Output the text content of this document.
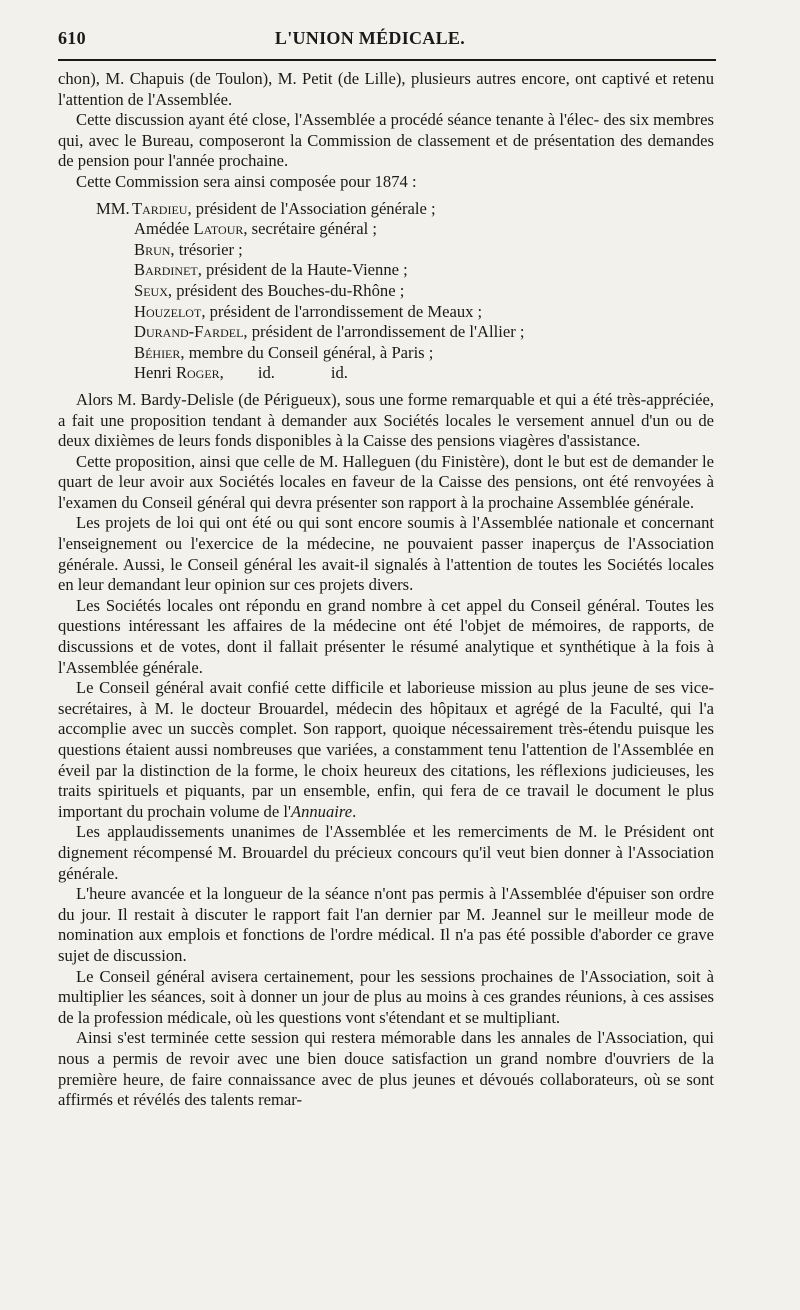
610	L'UNION MÉDICALE.

chon), M. Chapuis (de Toulon), M. Petit (de Lille), plusieurs autres encore, ont captivé et retenu l'attention de l'Assemblée.

Cette discussion ayant été close, l'Assemblée a procédé séance tenante à l'élec- des six membres qui, avec le Bureau, composeront la Commission de classement et de présentation des demandes de pension pour l'année prochaine.

Cette Commission sera ainsi composée pour 1874 :

MM. Tardieu, président de l'Association générale ;
Amédée Latour, secrétaire général ;
Brun, trésorier ;
Bardinet, président de la Haute-Vienne ;
Seux, président des Bouches-du-Rhône ;
Houzelot, président de l'arrondissement de Meaux ;
Durand-Fardel, président de l'arrondissement de l'Allier ;
Béhier, membre du Conseil général, à Paris ;
Henri Roger, id.	id.

Alors M. Bardy-Delisle (de Périgueux), sous une forme remarquable et qui a été très-appréciée, a fait une proposition tendant à demander aux Sociétés locales le versement annuel d'un ou de deux dixièmes de leurs fonds disponibles à la Caisse des pensions viagères d'assistance.

Cette proposition, ainsi que celle de M. Halleguen (du Finistère), dont le but est de demander le quart de leur avoir aux Sociétés locales en faveur de la Caisse des pensions, ont été renvoyées à l'examen du Conseil général qui devra présenter son rapport à la prochaine Assemblée générale.

Les projets de loi qui ont été ou qui sont encore soumis à l'Assemblée nationale et concernant l'enseignement ou l'exercice de la médecine, ne pouvaient passer inaperçus de l'Association générale. Aussi, le Conseil général les avait-il signalés à l'attention de toutes les Sociétés locales en leur demandant leur opinion sur ces projets divers.

Les Sociétés locales ont répondu en grand nombre à cet appel du Conseil général. Toutes les questions intéressant les affaires de la médecine ont été l'objet de mémoires, de rapports, de discussions et de votes, dont il fallait présenter le résumé analytique et synthétique à la fois à l'Assemblée générale.

Le Conseil général avait confié cette difficile et laborieuse mission au plus jeune de ses vice-secrétaires, à M. le docteur Brouardel, médecin des hôpitaux et agrégé de la Faculté, qui l'a accomplie avec un succès complet. Son rapport, quoique nécessairement très-étendu puisque les questions étaient aussi nombreuses que variées, a constamment tenu l'attention de l'Assemblée en éveil par la distinction de la forme, le choix heureux des citations, les réflexions judicieuses, les traits spirituels et piquants, par un ensemble, enfin, qui fera de ce travail le document le plus important du prochain volume de l'Annuaire.

Les applaudissements unanimes de l'Assemblée et les remerciments de M. le Président ont dignement récompensé M. Brouardel du précieux concours qu'il veut bien donner à l'Association générale.

L'heure avancée et la longueur de la séance n'ont pas permis à l'Assemblée d'épuiser son ordre du jour. Il restait à discuter le rapport fait l'an dernier par M. Jeannel sur le meilleur mode de nomination aux emplois et fonctions de l'ordre médical. Il n'a pas été possible d'aborder ce grave sujet de discussion.

Le Conseil général avisera certainement, pour les sessions prochaines de l'Association, soit à multiplier les séances, soit à donner un jour de plus au moins à ces grandes réunions, à ces assises de la profession médicale, où les questions vont s'étendant et se multipliant.

Ainsi s'est terminée cette session qui restera mémorable dans les annales de l'Association, qui nous a permis de revoir avec une bien douce satisfaction un grand nombre d'ouvriers de la première heure, de faire connaissance avec de plus jeunes et dévoués collaborateurs, où se sont affirmés et révélés des talents remar-
